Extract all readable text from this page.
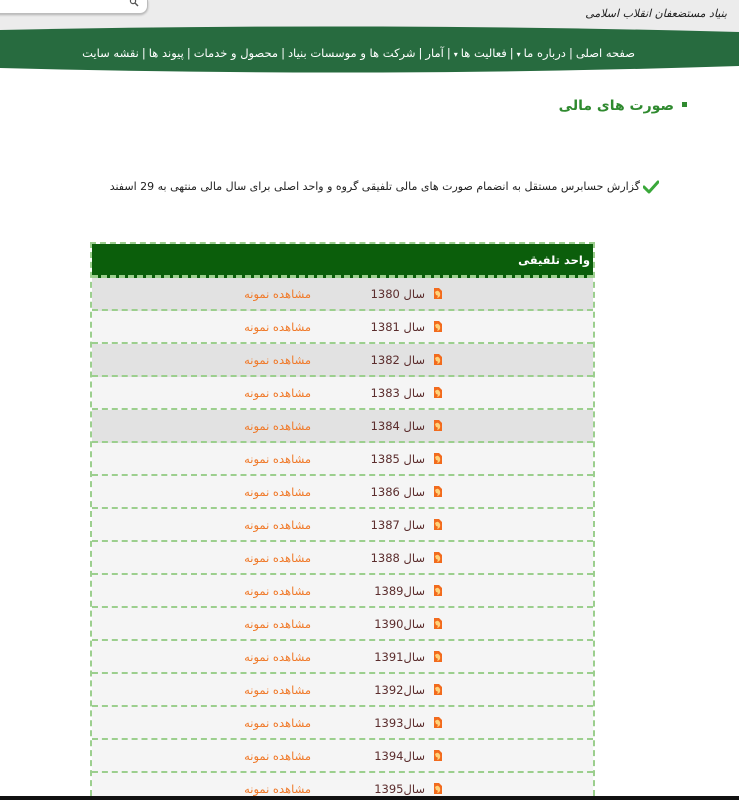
بنیاد مستضعفان انقلاب اسلامی
صفحه اصلی|درباره ما▾|فعالیت ها▾|آمار|شرکت ها و موسسات بنیاد|محصول و خدمات|پیوند ها|نقشه سایت
صورت های مالی
گزارش حسابرس مستقل به انضمام صورت های مالی تلفیقی گروه و واحد اصلی برای سال مالی منتهی به 29 اسفند
واحد تلفیقی
سال 1380
مشاهده نمونه
سال 1381
مشاهده نمونه
سال 1382
مشاهده نمونه
سال 1383
مشاهده نمونه
سال 1384
مشاهده نمونه
سال 1385
مشاهده نمونه
سال 1386
مشاهده نمونه
سال 1387
مشاهده نمونه
سال 1388
مشاهده نمونه
سال1389
مشاهده نمونه
سال1390
مشاهده نمونه
سال1391
مشاهده نمونه
سال1392
مشاهده نمونه
سال1393
مشاهده نمونه
سال1394
مشاهده نمونه
سال1395
مشاهده نمونه
